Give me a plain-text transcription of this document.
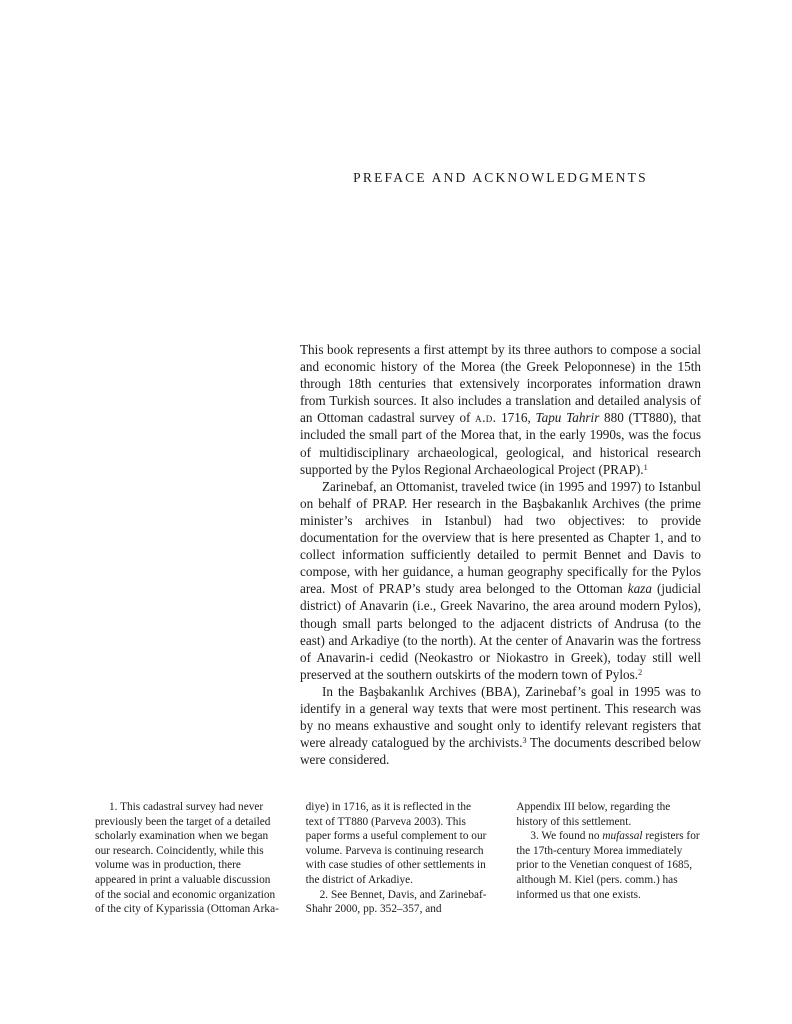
PREFACE AND ACKNOWLEDGMENTS

This book represents a first attempt by its three authors to compose a social and economic history of the Morea (the Greek Peloponnese) in the 15th through 18th centuries that extensively incorporates information drawn from Turkish sources. It also includes a translation and detailed analysis of an Ottoman cadastral survey of a.d. 1716, Tapu Tahrir 880 (TT880), that included the small part of the Morea that, in the early 1990s, was the focus of multidisciplinary archaeological, geological, and historical research supported by the Pylos Regional Archaeological Project (PRAP).$^1$

Zarinebaf, an Ottomanist, traveled twice (in 1995 and 1997) to Istanbul on behalf of PRAP. Her research in the Başbakanlık Archives (the prime minister’s archives in Istanbul) had two objectives: to provide documentation for the overview that is here presented as Chapter 1, and to collect information sufficiently detailed to permit Bennet and Davis to compose, with her guidance, a human geography specifically for the Pylos area. Most of PRAP’s study area belonged to the Ottoman kaza (judicial district) of Anavarin (i.e., Greek Navarino, the area around modern Pylos), though small parts belonged to the adjacent districts of Andrusa (to the east) and Arkadiye (to the north). At the center of Anavarin was the fortress of Anavarin-i cedid (Neokastro or Niokastro in Greek), today still well preserved at the southern outskirts of the modern town of Pylos.$^2$

In the Başbakanlık Archives (BBA), Zarinebaf’s goal in 1995 was to identify in a general way texts that were most pertinent. This research was by no means exhaustive and sought only to identify relevant registers that were already catalogued by the archivists.$^3$ The documents described below were considered.

1. This cadastral survey had never previously been the target of a detailed scholarly examination when we began our research. Coincidently, while this volume was in production, there appeared in print a valuable discussion of the social and economic organization of the city of Kyparissia (Ottoman Arka-

diye) in 1716, as it is reflected in the text of TT880 (Parveva 2003). This paper forms a useful complement to our volume. Parveva is continuing research with case studies of other settlements in the district of Arkadiye.

2. See Bennet, Davis, and Zarinebaf-Shahr 2000, pp. 352–357, and

Appendix III below, regarding the history of this settlement.

3. We found no mufassal registers for the 17th-century Morea immediately prior to the Venetian conquest of 1685, although M. Kiel (pers. comm.) has informed us that one exists.
